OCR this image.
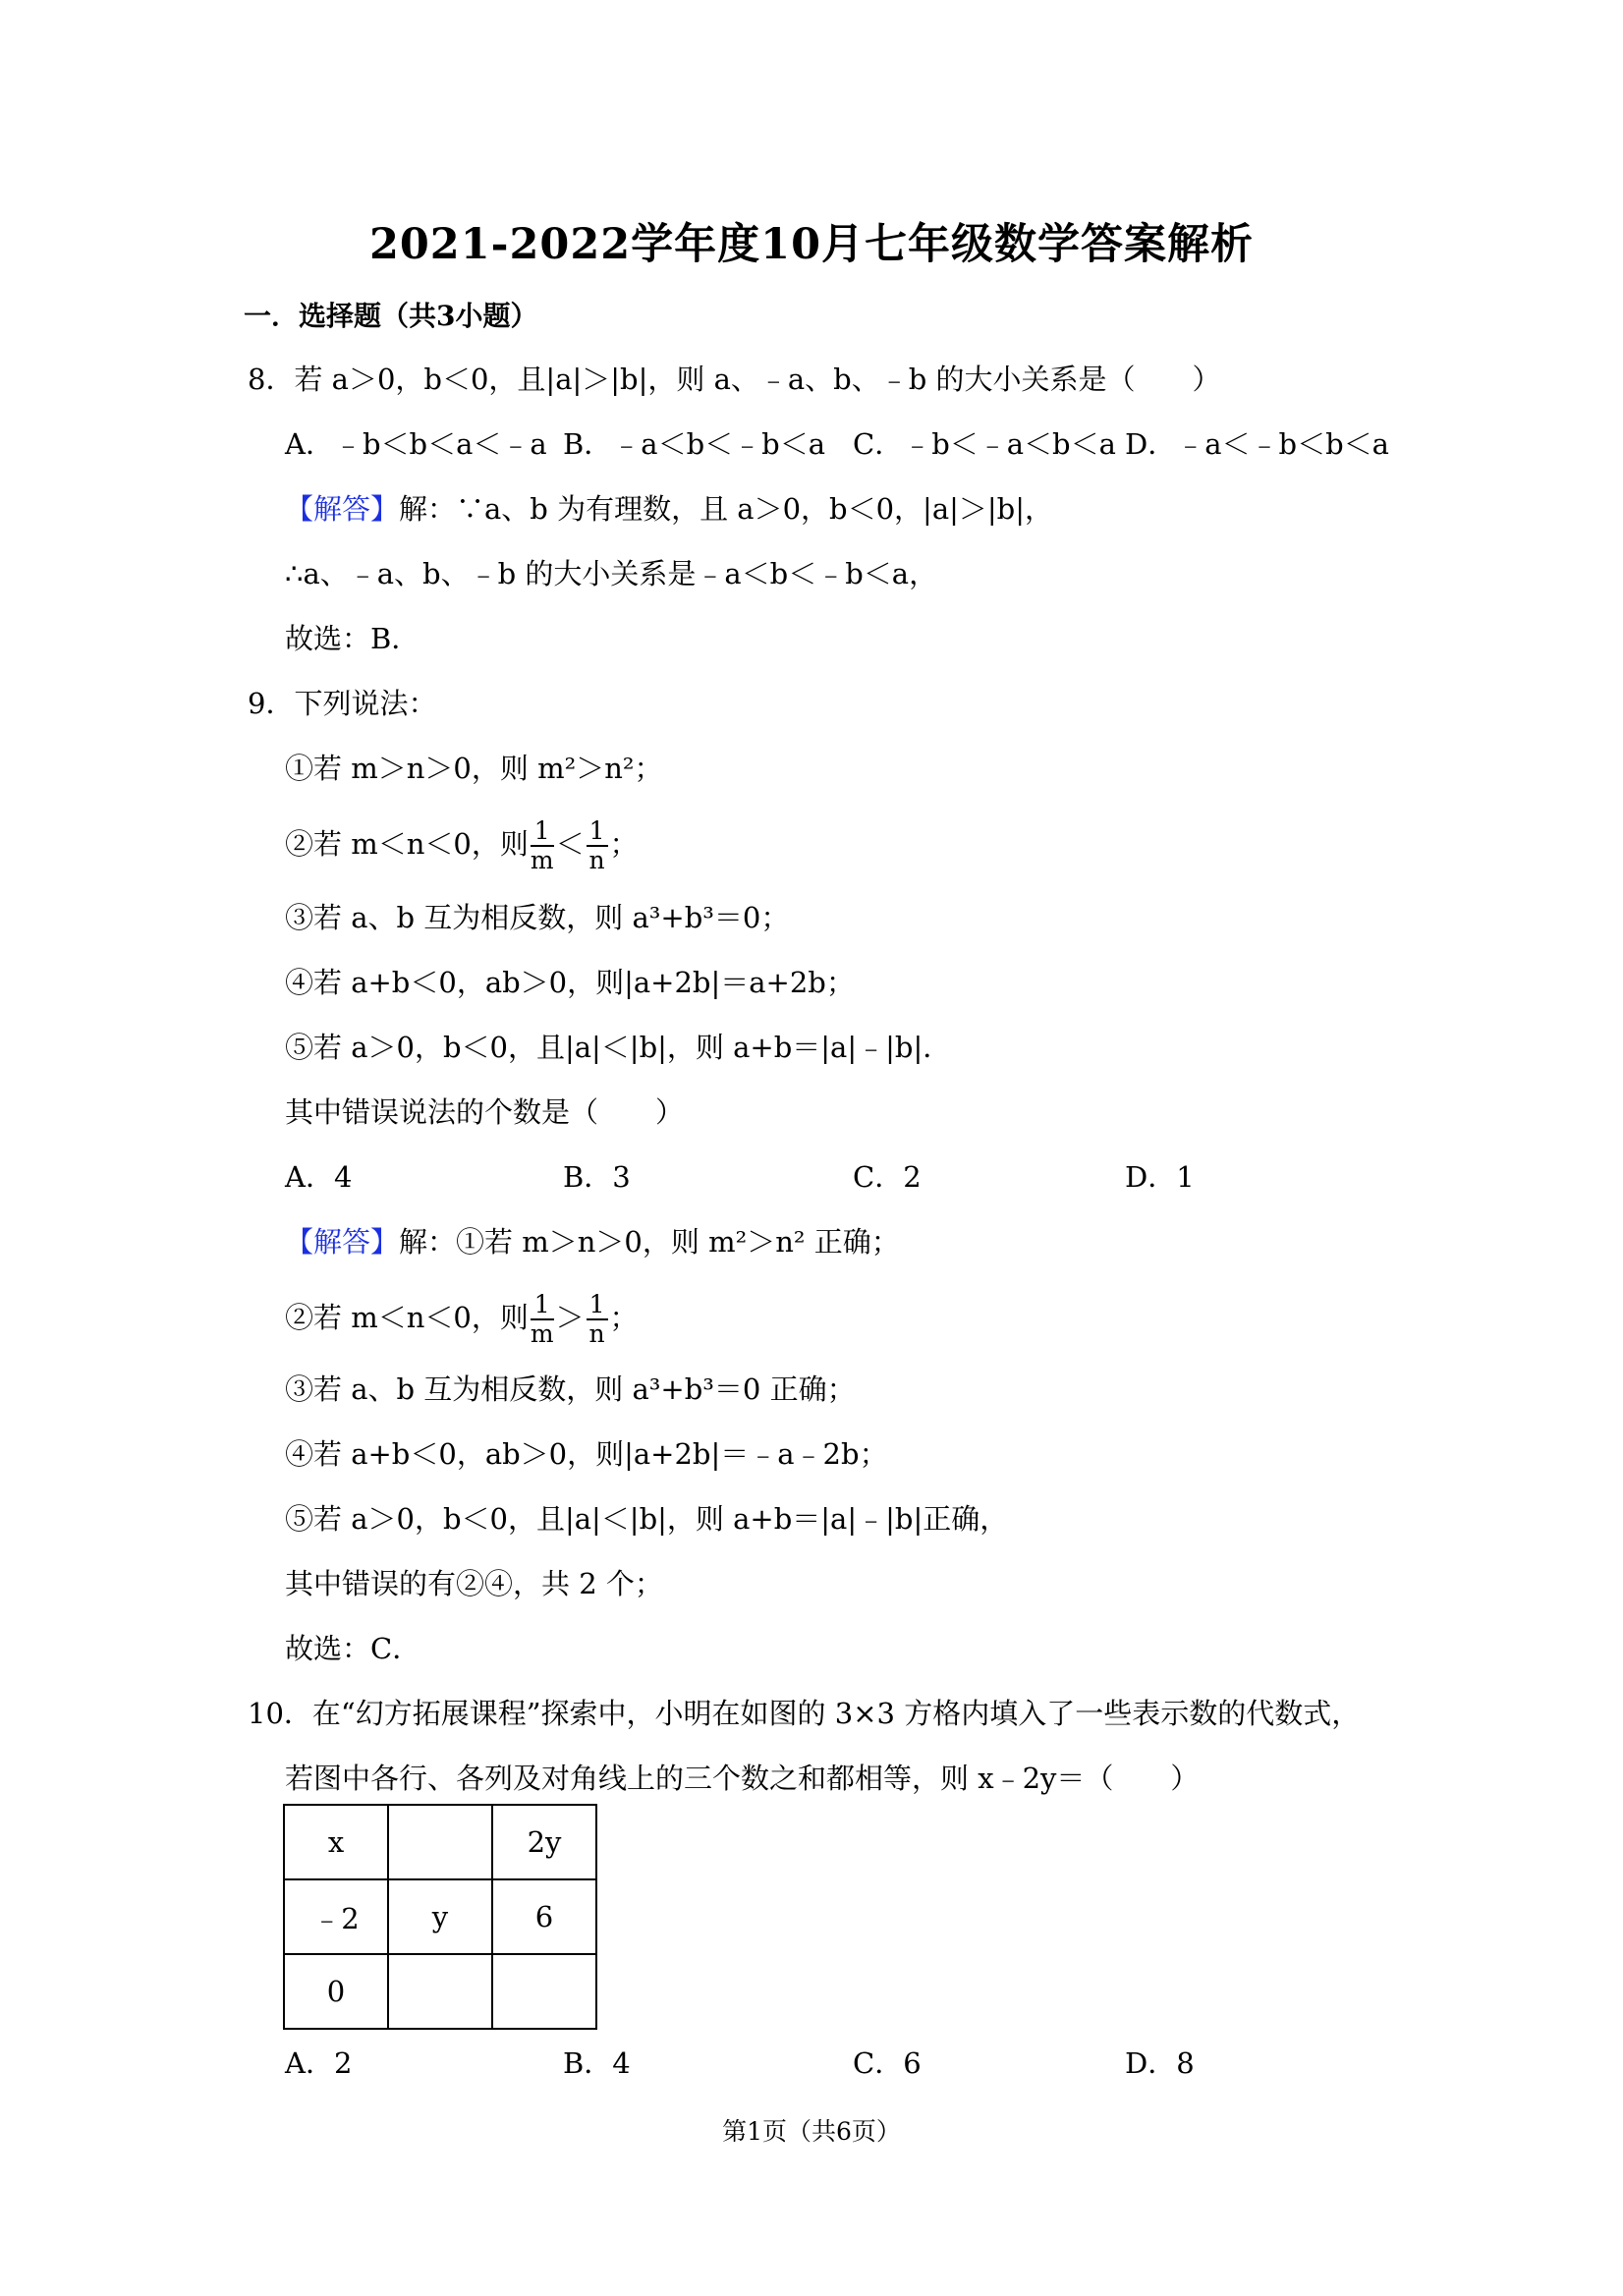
2021-2022学年度10月七年级数学答案解析
一．选择题（共3小题）
8．若 a＞0，b＜0，且|a|＞|b|，则 a、﹣a、b、﹣b 的大小关系是（　　）
A．﹣b＜b＜a＜﹣a B．﹣a＜b＜﹣b＜a C．﹣b＜﹣a＜b＜a D．﹣a＜﹣b＜b＜a
【解答】解：∵a、b 为有理数，且 a＞0，b＜0，|a|＞|b|，
∴a、﹣a、b、﹣b 的大小关系是﹣a＜b＜﹣b＜a，
故选：B．
9．下列说法：
①若 m＞n＞0，则 m²＞n²；
②若 m＜n＜0，则 $\frac{1}{m} < \frac{1}{n}$ ；
③若 a、b 互为相反数，则 a³+b³＝0；
④若 a+b＜0，ab＞0，则|a+2b|＝a+2b；
⑤若 a＞0，b＜0，且|a|＜|b|，则 a+b＝|a|﹣|b|．
其中错误说法的个数是（　　）
A．4	B．3	C．2	D．1
【解答】解：①若 m＞n＞0，则 m²＞n² 正确；
②若 m＜n＜0，则 $\frac{1}{m} > \frac{1}{n}$ ；
③若 a、b 互为相反数，则 a³+b³＝0 正确；
④若 a+b＜0，ab＞0，则|a+2b|＝﹣a﹣2b；
⑤若 a＞0，b＜0，且|a|＜|b|，则 a+b＝|a|﹣|b|正确，
其中错误的有②④，共 2 个；
故选：C．
10．在“幻方拓展课程”探索中，小明在如图的 3×3 方格内填入了一些表示数的代数式，
若图中各行、各列及对角线上的三个数之和都相等，则 x﹣2y＝（　　）
x		2y
﹣2	y	6
0		
A．2	B．4	C．6	D．8
第1页（共6页）
